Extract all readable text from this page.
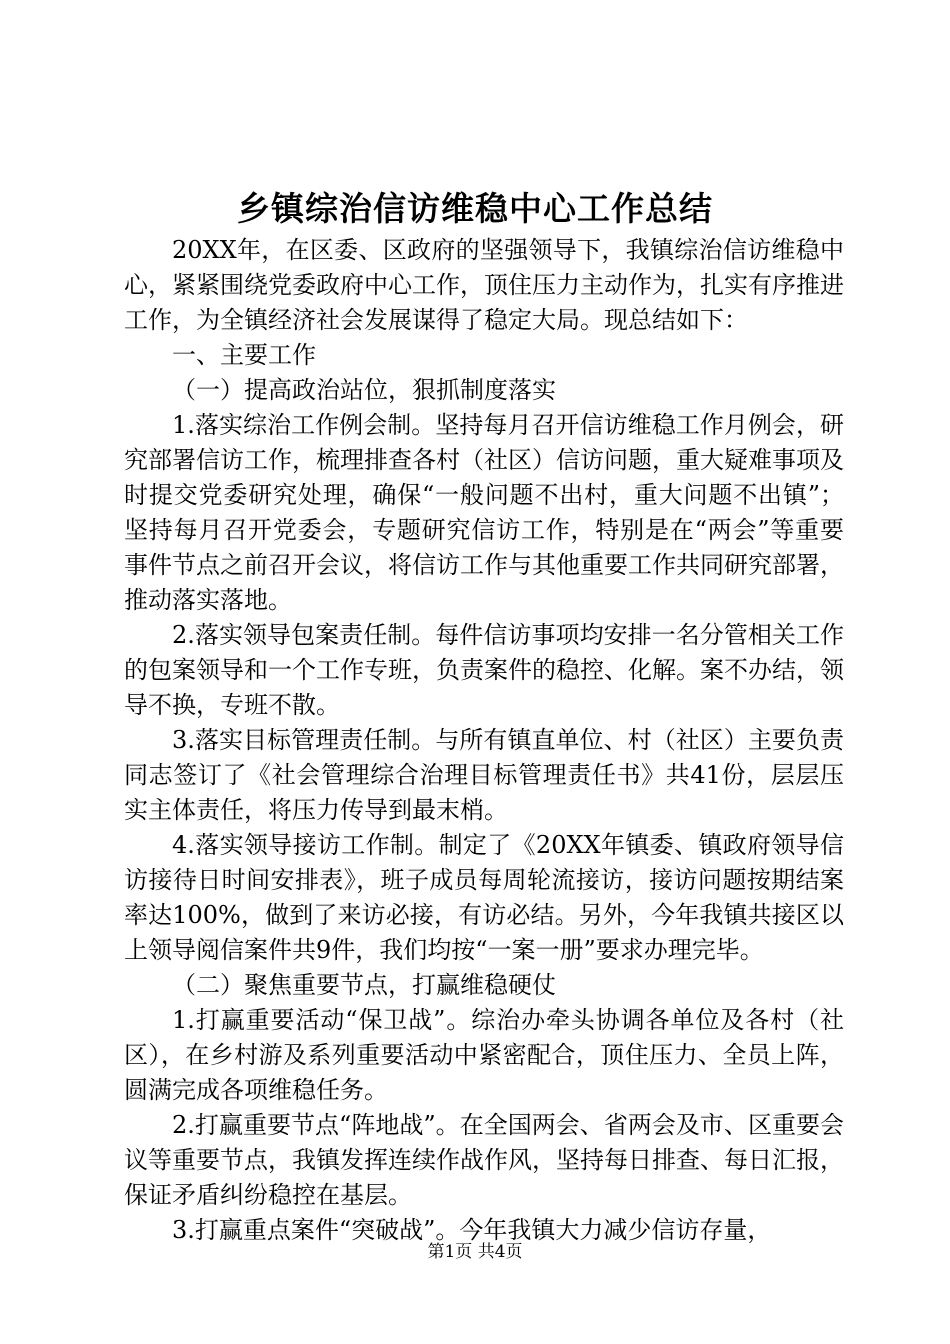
乡镇综治信访维稳中心工作总结

20XX年，在区委、区政府的坚强领导下，我镇综治信访维稳中心，紧紧围绕党委政府中心工作，顶住压力主动作为，扎实有序推进工作，为全镇经济社会发展谋得了稳定大局。现总结如下：

一、主要工作

（一）提高政治站位，狠抓制度落实

1.落实综治工作例会制。坚持每月召开信访维稳工作月例会，研究部署信访工作，梳理排查各村（社区）信访问题，重大疑难事项及时提交党委研究处理，确保“一般问题不出村，重大问题不出镇”；坚持每月召开党委会，专题研究信访工作，特别是在“两会”等重要事件节点之前召开会议，将信访工作与其他重要工作共同研究部署，推动落实落地。

2.落实领导包案责任制。每件信访事项均安排一名分管相关工作的包案领导和一个工作专班，负责案件的稳控、化解。案不办结，领导不换，专班不散。

3.落实目标管理责任制。与所有镇直单位、村（社区）主要负责同志签订了《社会管理综合治理目标管理责任书》共41份，层层压实主体责任，将压力传导到最末梢。

4.落实领导接访工作制。制定了《20XX年镇委、镇政府领导信访接待日时间安排表》，班子成员每周轮流接访，接访问题按期结案率达100%，做到了来访必接，有访必结。另外，今年我镇共接区以上领导阅信案件共9件，我们均按“一案一册”要求办理完毕。

（二）聚焦重要节点，打赢维稳硬仗

1.打赢重要活动“保卫战”。综治办牵头协调各单位及各村（社区），在乡村游及系列重要活动中紧密配合，顶住压力、全员上阵，圆满完成各项维稳任务。

2.打赢重要节点“阵地战”。在全国两会、省两会及市、区重要会议等重要节点，我镇发挥连续作战作风，坚持每日排查、每日汇报，保证矛盾纠纷稳控在基层。

3.打赢重点案件“突破战”。今年我镇大力减少信访存量，

第1页 共4页
